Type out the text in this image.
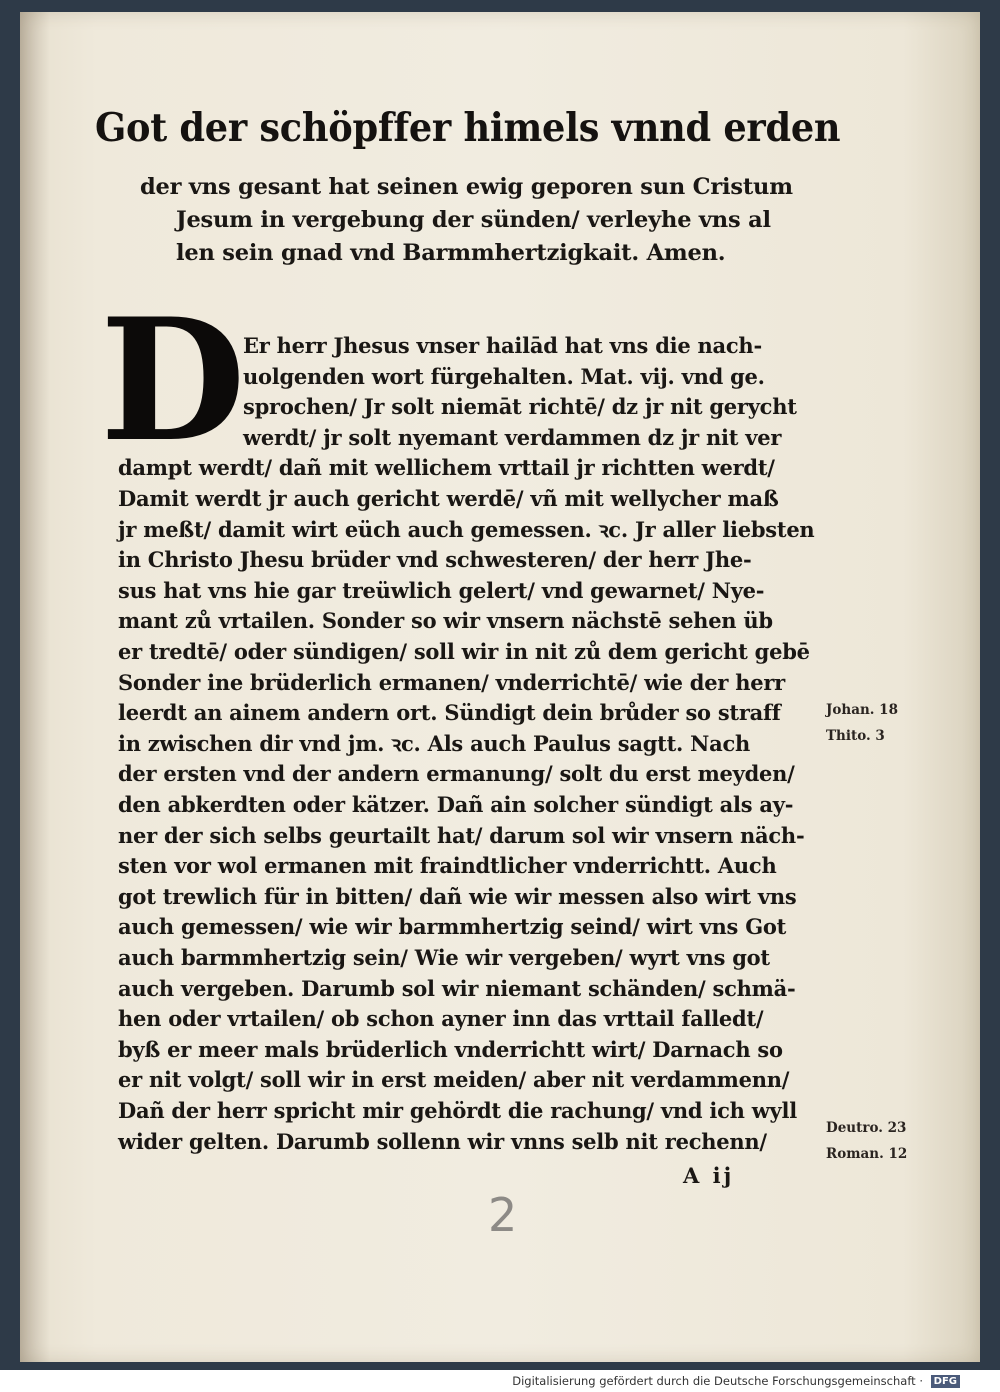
Got der schöpffer himels vnnd erden
der vns gesant hat seinen ewig geporen sun Cristum
Jesum in vergebung der sünden/ verleyhe vns al
len sein gnad vnd Barmmhertzigkait. Amen.
D
Er herr Jhesus vnser hailād hat vns die nach-
uolgenden wort fürgehalten. Mat. vij. vnd ge.
sprochen/ Jr solt niemāt richtē/ dz jr nit gerycht
werdt/ jr solt nyemant verdammen dz jr nit ver
dampt werdt/ dañ mit wellichem vrttail jr richtten werdt/
Damit werdt jr auch gericht werdē/ vñ mit wellycher maß
jr meßt/ damit wirt eüch auch gemessen. ꝛc. Jr aller liebsten
in Christo Jhesu brüder vnd schwesteren/ der herr Jhe-
sus hat vns hie gar treüwlich gelert/ vnd gewarnet/ Nye-
mant zů vrtailen. Sonder so wir vnsern nächstē sehen üb
er tredtē/ oder sündigen/ soll wir in nit zů dem gericht gebē
Sonder ine brüderlich ermanen/ vnderrichtē/ wie der herr
leerdt an ainem andern ort. Sündigt dein brůder so straff
in zwischen dir vnd jm. ꝛc. Als auch Paulus sagtt. Nach
der ersten vnd der andern ermanung/ solt du erst meyden/
den abkerdten oder kätzer. Dañ ain solcher sündigt als ay-
ner der sich selbs geurtailt hat/ darum sol wir vnsern näch-
sten vor wol ermanen mit fraindtlicher vnderrichtt. Auch
got trewlich für in bitten/ dañ wie wir messen also wirt vns
auch gemessen/ wie wir barmmhertzig seind/ wirt vns Got
auch barmmhertzig sein/ Wie wir vergeben/ wyrt vns got
auch vergeben. Darumb sol wir niemant schänden/ schmä-
hen oder vrtailen/ ob schon ayner inn das vrttail falledt/
byß er meer mals brüderlich vnderrichtt wirt/ Darnach so
er nit volgt/ soll wir in erst meiden/ aber nit verdammenn/
Dañ der herr spricht mir gehördt die rachung/ vnd ich wyll
wider gelten. Darumb sollenn wir vnns selb nit rechenn/
Johan. 18
Thito. 3
Deutro. 23
Roman. 12
A ij
2
Digitalisierung gefördert durch die Deutsche Forschungsgemeinschaft · DFG
